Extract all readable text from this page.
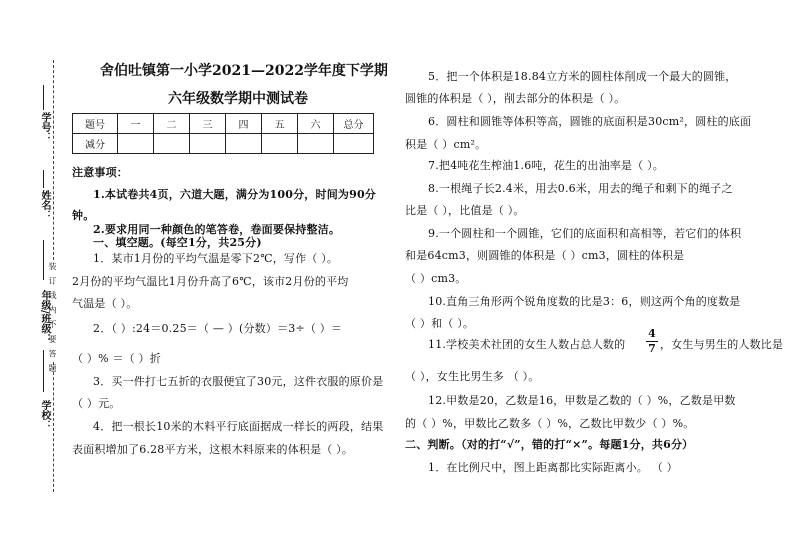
学号：
姓名：
年级/班级：
学校：
装 订 线 内 不 要 答 题
舍伯吐镇第一小学2021—2022学年度下学期
六年级数学期中测试卷
题号	一	二	三	四	五	六	总分
减分							
注意事项：
1.本试卷共4页，六道大题，满分为100分，时间为90分
钟。
2.要求用同一种颜色的笔答卷，卷面要保持整洁。
一、填空题。(每空1分，共25分)
1．某市1月份的平均气温是零下2℃，写作（ ）。
2月份的平均气温比1月份升高了6℃，该市2月份的平均
气温是（ ）。
2．（ ）:24＝0.25＝（ — ）(分数）＝3÷（ ）＝
（ ）% ＝（ ）折
3．买一件打七五折的衣服便宜了30元，这件衣服的原价是
（ ）元。
4．把一根长10米的木料平行底面据成一样长的两段，结果
表面积增加了6.28平方米，这根木料原来的体积是（ ）。
5．把一个体积是18.84立方米的圆柱体削成一个最大的圆锥，
圆锥的体积是（ ），削去部分的体积是（ ）。
6．圆柱和圆锥等体积等高，圆锥的底面积是30cm²，圆柱的底面
积是（ ）cm²。
7.把4吨花生榨油1.6吨，花生的出油率是（ ）。
8.一根绳子长2.4米，用去0.6米，用去的绳子和剩下的绳子之
比是（ ），比值是（ ）。
9.一个圆柱和一个圆锥，它们的底面积和高相等，若它们的体积
和是64cm3，则圆锥的体积是（ ）cm3，圆柱的体积是
（ ）cm3。
10.直角三角形两个锐角度数的比是3：6，则这两个角的度数是
（ ）和（ ）。
11.学校美术社团的女生人数占总人数的
4
7 ，女生与男生的人数比是
（ ），女生比男生多 （ ）。
12.甲数是20，乙数是16，甲数是乙数的（ ）%，乙数是甲数
的（ ）%，甲数比乙数多（ ）%，乙数比甲数少（ ）%。
二、判断。（对的打“√”，错的打“×”。每题1分，共6分）
1．在比例尺中，图上距离都比实际距离小。 （ ）
